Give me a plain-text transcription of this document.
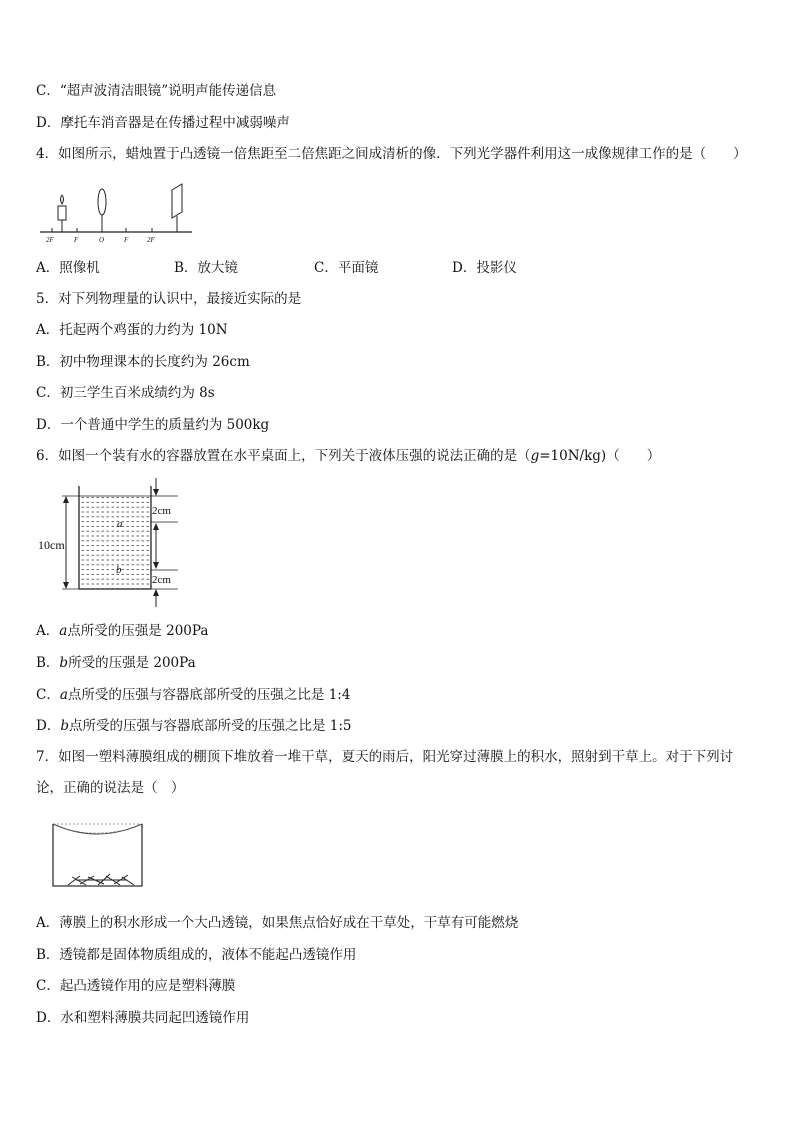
C．“超声波清洁眼镜”说明声能传递信息
D．摩托车消音器是在传播过程中减弱噪声
4．如图所示，蜡烛置于凸透镜一倍焦距至二倍焦距之间成清析的像．下列光学器件利用这一成像规律工作的是（　　）
2F	F	O	F	2F
A．照像机	B．放大镜	C．平面镜	D．投影仪
5．对下列物理量的认识中，最接近实际的是
A．托起两个鸡蛋的力约为 10N
B．初中物理课本的长度约为 26cm
C．初三学生百米成绩约为 8s
D．一个普通中学生的质量约为 500kg
6．如图一个装有水的容器放置在水平桌面上，下列关于液体压强的说法正确的是（g=10N/kg)（　　）
10cm
a
b
2cm
2cm
A．a点所受的压强是 200Pa
B．b所受的压强是 200Pa
C．a点所受的压强与容器底部所受的压强之比是 1:4
D．b点所受的压强与容器底部所受的压强之比是 1:5
7．如图一塑料薄膜组成的棚顶下堆放着一堆干草，夏天的雨后，阳光穿过薄膜上的积水，照射到干草上。对于下列讨
论，正确的说法是（　）
A．薄膜上的积水形成一个大凸透镜，如果焦点恰好成在干草处，干草有可能燃烧
B．透镜都是固体物质组成的，液体不能起凸透镜作用
C．起凸透镜作用的应是塑料薄膜
D．水和塑料薄膜共同起凹透镜作用
